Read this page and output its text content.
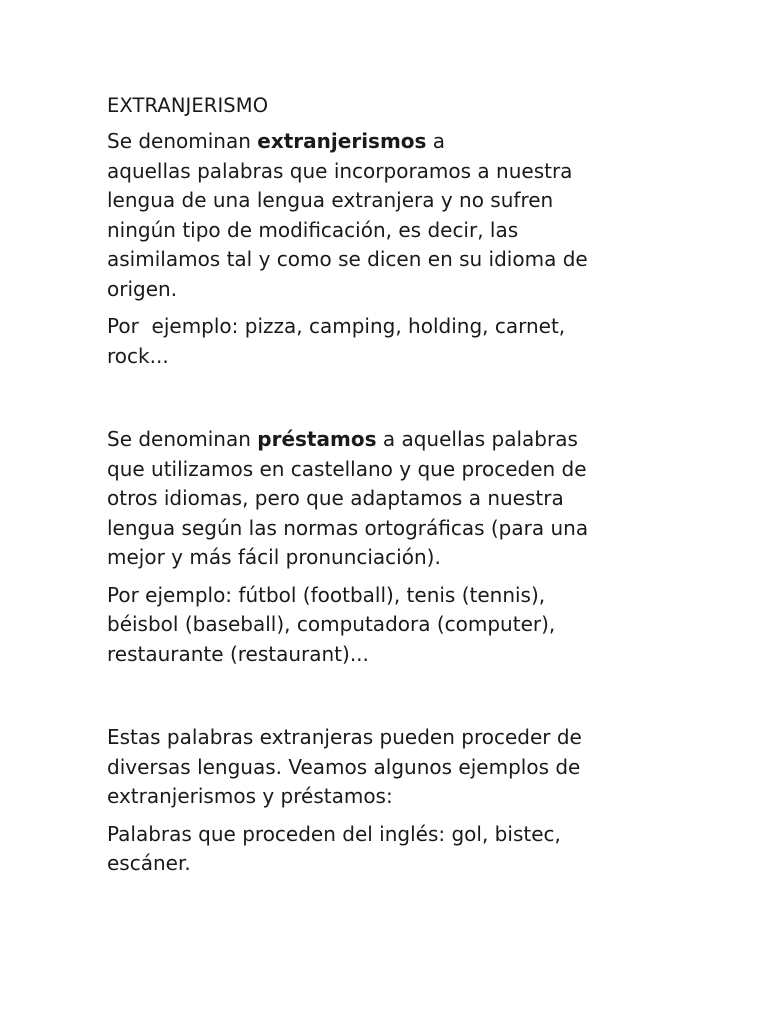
EXTRANJERISMO
Se denominan extranjerismos a
aquellas palabras que incorporamos a nuestra
lengua de una lengua extranjera y no sufren
ningún tipo de modificación, es decir, las
asimilamos tal y como se dicen en su idioma de
origen.
Por  ejemplo: pizza, camping, holding, carnet,
rock...
Se denominan préstamos a aquellas palabras
que utilizamos en castellano y que proceden de
otros idiomas, pero que adaptamos a nuestra
lengua según las normas ortográficas (para una
mejor y más fácil pronunciación).
Por ejemplo: fútbol (football), tenis (tennis),
béisbol (baseball), computadora (computer),
restaurante (restaurant)...
Estas palabras extranjeras pueden proceder de
diversas lenguas. Veamos algunos ejemplos de
extranjerismos y préstamos:
Palabras que proceden del inglés: gol, bistec,
escáner.
